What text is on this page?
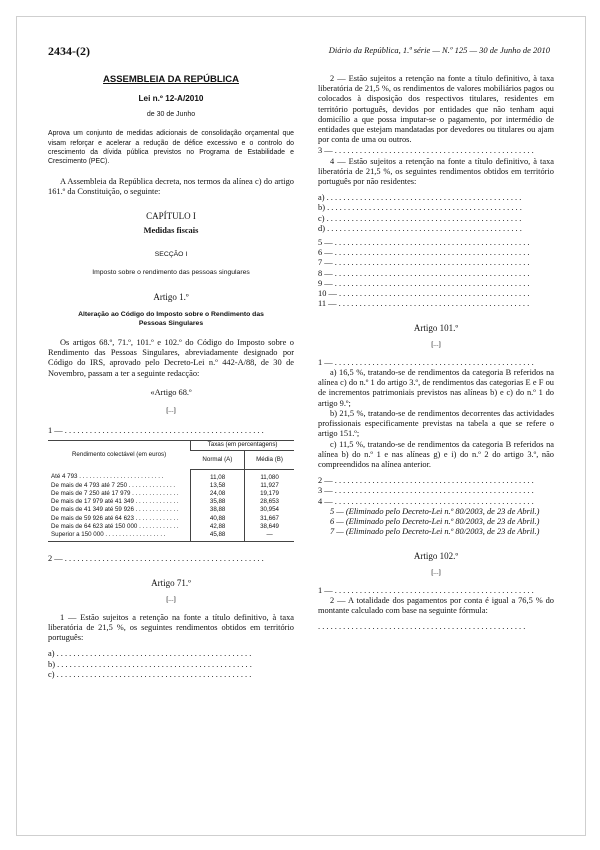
2434-(2)	Diário da República, 1.ª série — N.º 125 — 30 de Junho de 2010

ASSEMBLEIA DA REPÚBLICA

Lei n.º 12-A/2010

de 30 de Junho

Aprova um conjunto de medidas adicionais de consolidação orçamental que visam reforçar e acelerar a redução de défice excessivo e o controlo do crescimento da dívida pública previstos no Programa de Estabilidade e Crescimento (PEC).

A Assembleia da República decreta, nos termos da alínea c) do artigo 161.º da Constituição, o seguinte:

CAPÍTULO I

Medidas fiscais

SECÇÃO I

Imposto sobre o rendimento das pessoas singulares

Artigo 1.º

Alteração ao Código do Imposto sobre o Rendimento das Pessoas Singulares

Os artigos 68.º, 71.º, 101.º e 102.º do Código do Imposto sobre o Rendimento das Pessoas Singulares, abreviadamente designado por Código do IRS, aprovado pelo Decreto-Lei n.º 442-A/88, de 30 de Novembro, passam a ter a seguinte redacção:

«Artigo 68.º

[...]

1 — . . . . . . . . . . . . . . . . . . . . . . . . . . . . . . . . . . . . . . . . . . . . . . . .

Rendimento colectável (em euros)	Taxas (em percentagens)	
	Normal (A)	Média (B)
Até 4 793 . . . . . . . . . . . . . . . . . . . . . . . . .	11,08	11,080
De mais de 4 793 até 7 250 . . . . . . . . . . . . . .	13,58	11,927
De mais de 7 250 até 17 979 . . . . . . . . . . . . . .	24,08	19,179
De mais de 17 979 até 41 349 . . . . . . . . . . . . .	35,88	28,653
De mais de 41 349 até 59 926 . . . . . . . . . . . . .	38,88	30,954
De mais de 59 926 até 64 623 . . . . . . . . . . . . .	40,88	31,667
De mais de 64 623 até 150 000 . . . . . . . . . . . .	42,88	38,649
Superior a 150 000 . . . . . . . . . . . . . . . . . .	45,88	—

2 — . . . . . . . . . . . . . . . . . . . . . . . . . . . . . . . . . . . . . . . . . . . . . . . .

Artigo 71.º

[...]

1 — Estão sujeitos a retenção na fonte a título definitivo, à taxa liberatória de 21,5 %, os seguintes rendimentos obtidos em território português:

a) . . . . . . . . . . . . . . . . . . . . . . . . . . . . . . . . . . . . . . . . . . . . . . .

b) . . . . . . . . . . . . . . . . . . . . . . . . . . . . . . . . . . . . . . . . . . . . . . .

c) . . . . . . . . . . . . . . . . . . . . . . . . . . . . . . . . . . . . . . . . . . . . . . .

2 — Estão sujeitos a retenção na fonte a título definitivo, à taxa liberatória de 21,5 %, os rendimentos de valores mobiliários pagos ou colocados à disposição dos respectivos titulares, residentes em território português, devidos por entidades que não tenham aqui domicílio a que possa imputar-se o pagamento, por intermédio de entidades que estejam mandatadas por devedores ou titulares ou ajam por conta de uma ou outros.

3 — . . . . . . . . . . . . . . . . . . . . . . . . . . . . . . . . . . . . . . . . . . . . . . . .

4 — Estão sujeitos a retenção na fonte a título definitivo, à taxa liberatória de 21,5 %, os seguintes rendimentos obtidos em território português por não residentes:

a) . . . . . . . . . . . . . . . . . . . . . . . . . . . . . . . . . . . . . . . . . . . . . . .

b) . . . . . . . . . . . . . . . . . . . . . . . . . . . . . . . . . . . . . . . . . . . . . . .

c) . . . . . . . . . . . . . . . . . . . . . . . . . . . . . . . . . . . . . . . . . . . . . . .

d) . . . . . . . . . . . . . . . . . . . . . . . . . . . . . . . . . . . . . . . . . . . . . . .

5 — . . . . . . . . . . . . . . . . . . . . . . . . . . . . . . . . . . . . . . . . . . . . . . .

6 — . . . . . . . . . . . . . . . . . . . . . . . . . . . . . . . . . . . . . . . . . . . . . . .

7 — . . . . . . . . . . . . . . . . . . . . . . . . . . . . . . . . . . . . . . . . . . . . . . .

8 — . . . . . . . . . . . . . . . . . . . . . . . . . . . . . . . . . . . . . . . . . . . . . . .

9 — . . . . . . . . . . . . . . . . . . . . . . . . . . . . . . . . . . . . . . . . . . . . . . .

10 — . . . . . . . . . . . . . . . . . . . . . . . . . . . . . . . . . . . . . . . . . . . . . .

11 — . . . . . . . . . . . . . . . . . . . . . . . . . . . . . . . . . . . . . . . . . . . . . .

Artigo 101.º

[...]

1 — . . . . . . . . . . . . . . . . . . . . . . . . . . . . . . . . . . . . . . . . . . . . . . . .

a) 16,5 %, tratando-se de rendimentos da categoria B referidos na alínea c) do n.º 1 do artigo 3.º, de rendimentos das categorias E e F ou de incrementos patrimoniais previstos nas alíneas b) e c) do n.º 1 do artigo 9.º;

b) 21,5 %, tratando-se de rendimentos decorrentes das actividades profissionais especificamente previstas na tabela a que se refere o artigo 151.º;

c) 11,5 %, tratando-se de rendimentos da categoria B referidos na alínea b) do n.º 1 e nas alíneas g) e i) do n.º 2 do artigo 3.º, não compreendidos na alínea anterior.

2 — . . . . . . . . . . . . . . . . . . . . . . . . . . . . . . . . . . . . . . . . . . . . . . . .

3 — . . . . . . . . . . . . . . . . . . . . . . . . . . . . . . . . . . . . . . . . . . . . . . . .

4 — . . . . . . . . . . . . . . . . . . . . . . . . . . . . . . . . . . . . . . . . . . . . . . . .

5 — (Eliminado pelo Decreto-Lei n.º 80/2003, de 23 de Abril.)

6 — (Eliminado pelo Decreto-Lei n.º 80/2003, de 23 de Abril.)

7 — (Eliminado pelo Decreto-Lei n.º 80/2003, de 23 de Abril.)

Artigo 102.º

[...]

1 — . . . . . . . . . . . . . . . . . . . . . . . . . . . . . . . . . . . . . . . . . . . . . . . .

2 — A totalidade dos pagamentos por conta é igual a 76,5 % do montante calculado com base na seguinte fórmula:

. . . . . . . . . . . . . . . . . . . . . . . . . . . . . . . . . . . . . . . . . . . . . . . . . .
